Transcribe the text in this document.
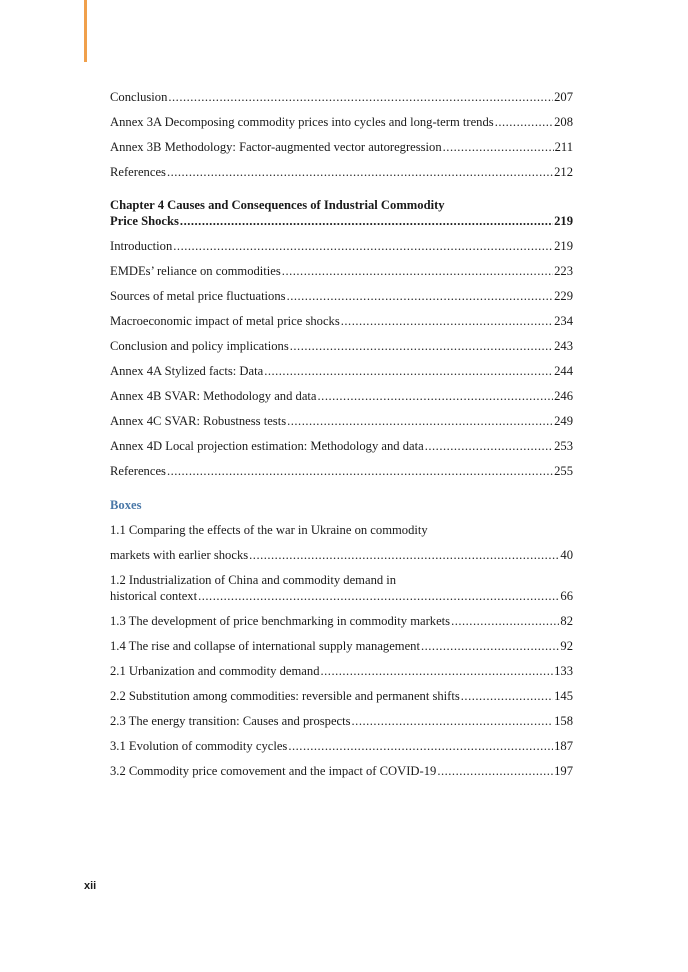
Conclusion .....	207
Annex 3A Decomposing commodity prices into cycles and long-term trends .....	208
Annex 3B Methodology: Factor-augmented vector autoregression .....	211
References .....	212
Chapter 4 Causes and Consequences of Industrial Commodity
Price Shocks .....	219
Introduction .....	219
EMDEs’ reliance on commodities .....	223
Sources of metal price fluctuations .....	229
Macroeconomic impact of metal price shocks .....	234
Conclusion and policy implications .....	243
Annex 4A Stylized facts: Data .....	244
Annex 4B SVAR: Methodology and data .....	246
Annex 4C SVAR: Robustness tests .....	249
Annex 4D Local projection estimation: Methodology and data .....	253
References .....	255
Boxes
1.1 Comparing the effects of the war in Ukraine on commodity
markets with earlier shocks .....	40
1.2 Industrialization of China and commodity demand in
historical context .....	66
1.3 The development of price benchmarking in commodity markets .....	82
1.4 The rise and collapse of international supply management .....	92
2.1 Urbanization and commodity demand .....	133
2.2 Substitution among commodities: reversible and permanent shifts .....	145
2.3 The energy transition: Causes and prospects .....	158
3.1 Evolution of commodity cycles .....	187
3.2 Commodity price comovement and the impact of COVID-19 .....	197
xii
